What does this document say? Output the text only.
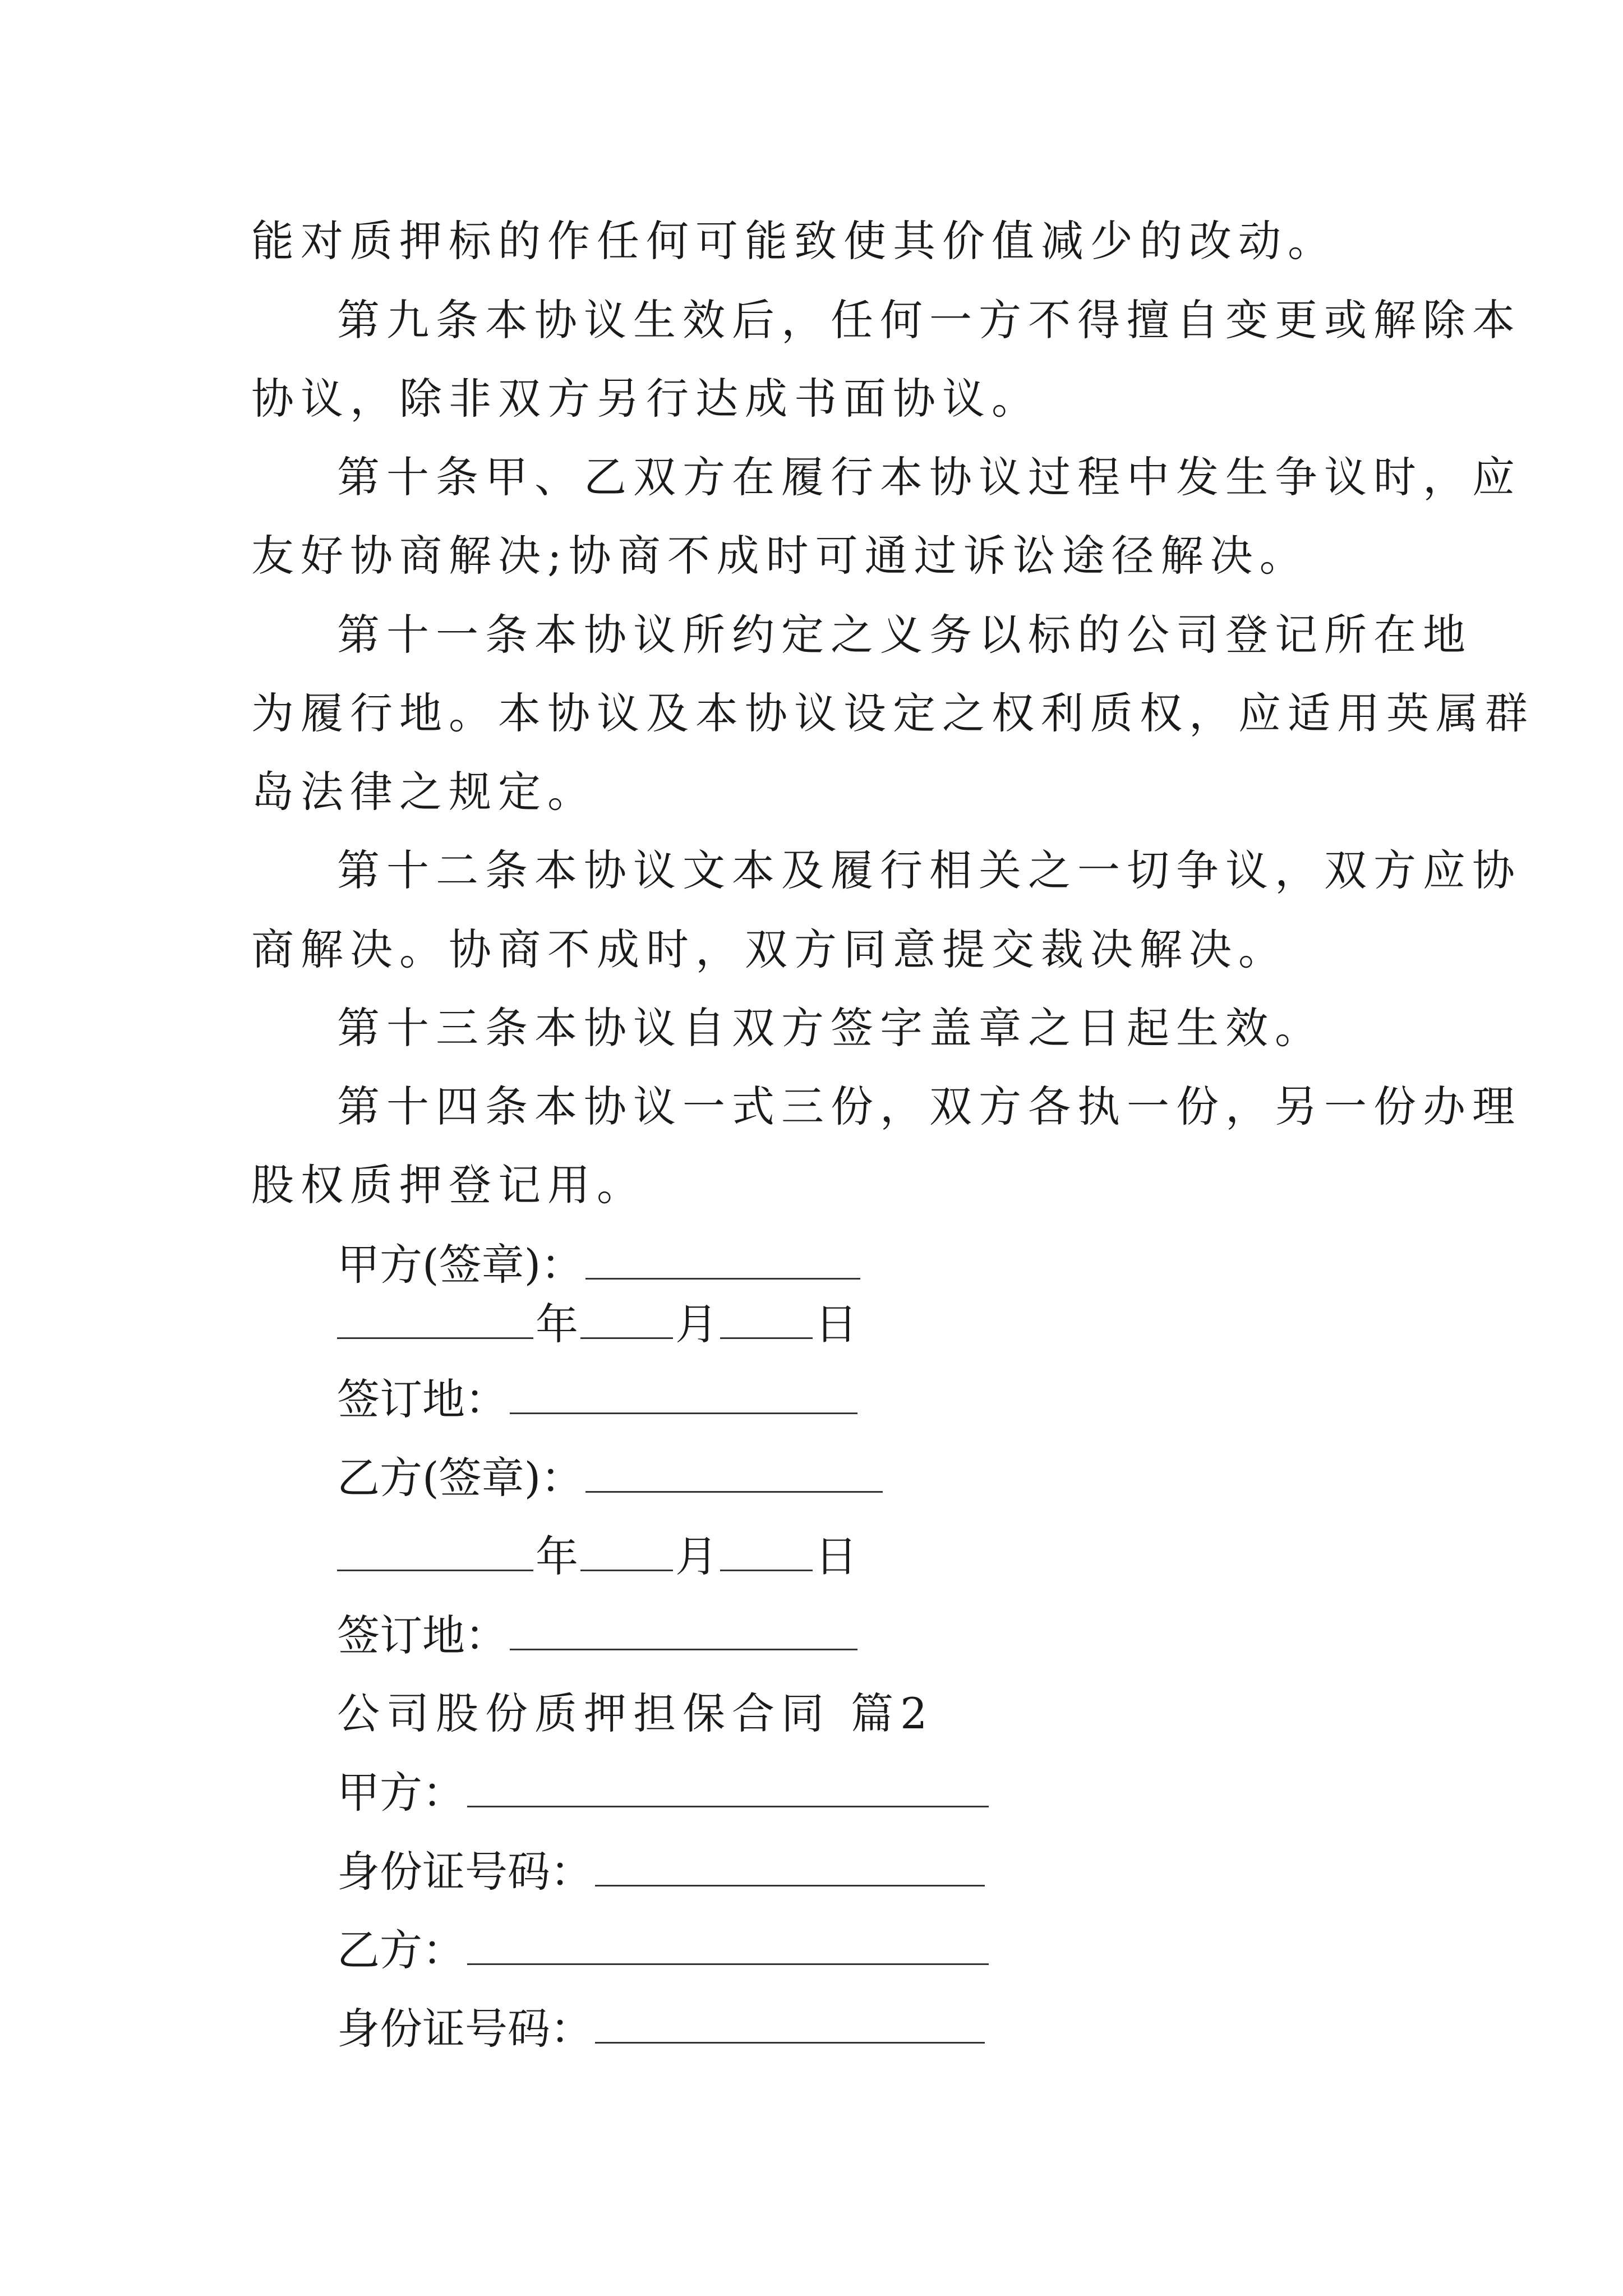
能对质押标的作任何可能致使其价值减少的改动。
第九条本协议生效后，任何一方不得擅自变更或解除本
协议，除非双方另行达成书面协议。
第十条甲、乙双方在履行本协议过程中发生争议时，应
友好协商解决;协商不成时可通过诉讼途径解决。
第十一条本协议所约定之义务以标的公司登记所在地
为履行地。本协议及本协议设定之权利质权，应适用英属群
岛法律之规定。
第十二条本协议文本及履行相关之一切争议，双方应协
商解决。协商不成时，双方同意提交裁决解决。
第十三条本协议自双方签字盖章之日起生效。
第十四条本协议一式三份，双方各执一份，另一份办理
股权质押登记用。
甲方(签章)：
年 月 日
签订地：
乙方(签章)：
年 月 日
签订地：
公司股份质押担保合同 篇2
甲方：
身份证号码：
乙方：
身份证号码：
